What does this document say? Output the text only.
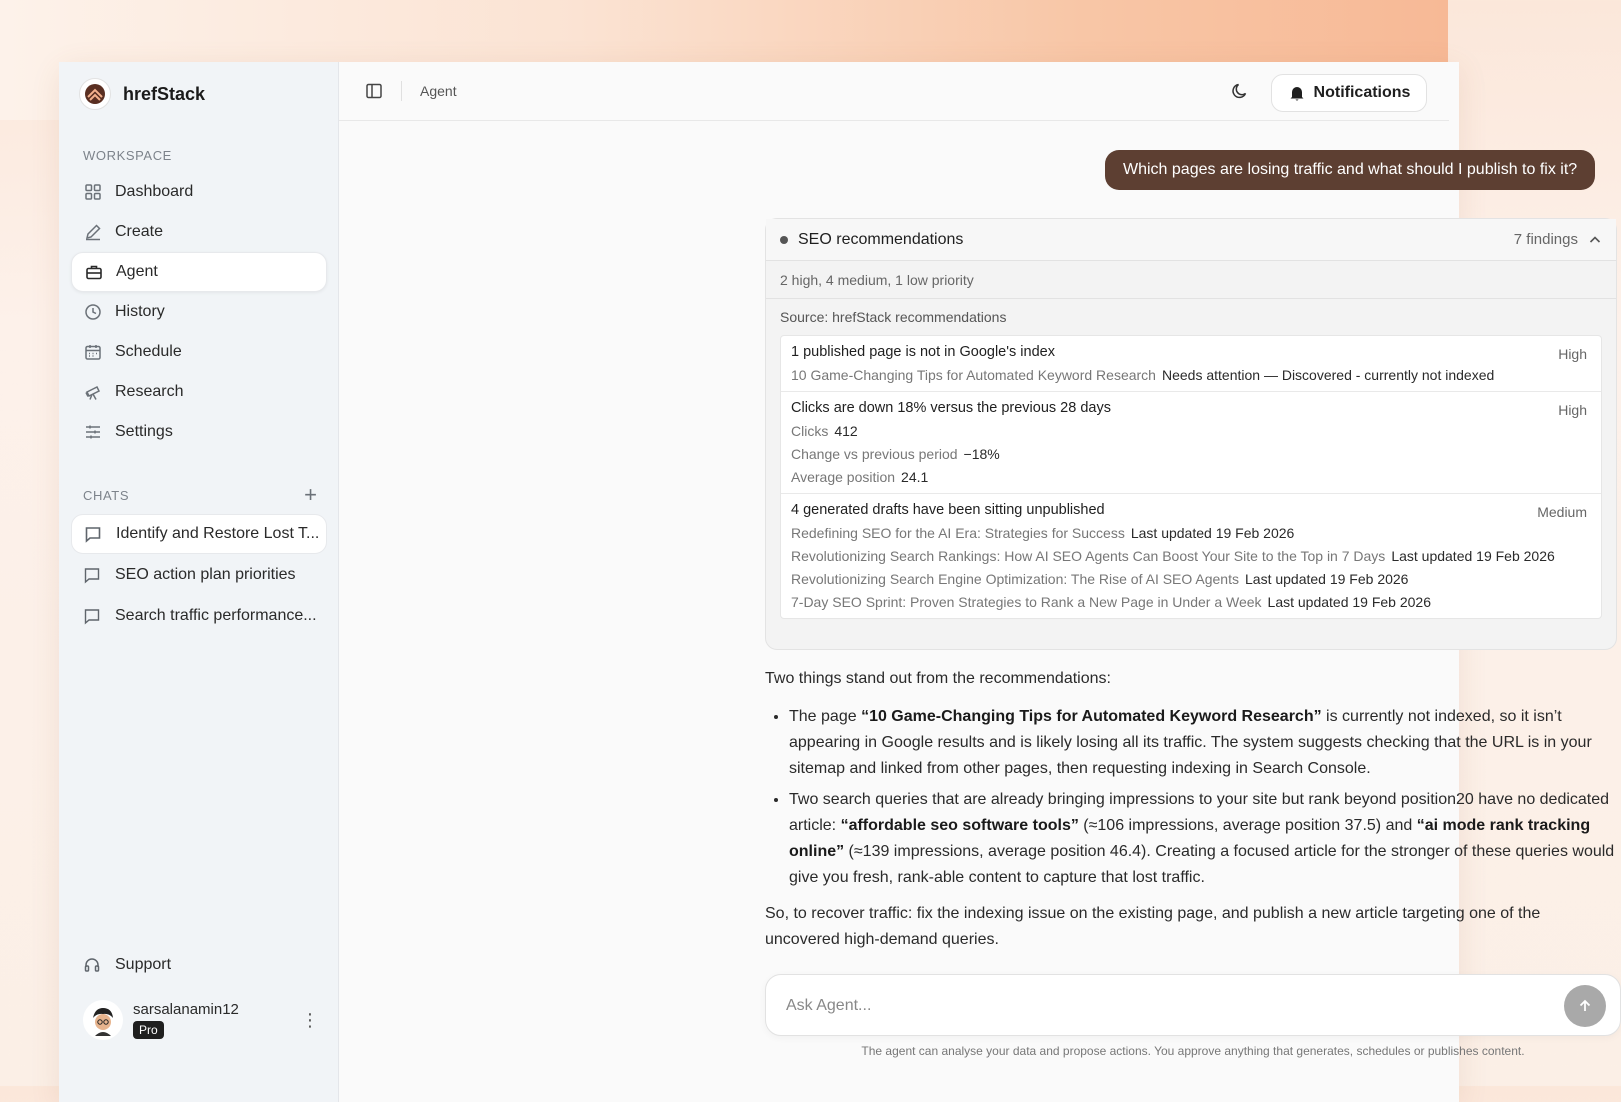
hrefStack
WORKSPACE
Dashboard
Create
Agent
History
Schedule
Research
Settings
CHATS	+
Identify and Restore Lost T...
SEO action plan priorities
Search traffic performance...
Support
sarsalanamin12
Pro
⋮
Agent	Notifications
Which pages are losing traffic and what should I publish to fix it?
SEO recommendations	7 findings
2 high, 4 medium, 1 low priority
Source: hrefStack recommendations
1 published page is not in Google's index	High
10 Game-Changing Tips for Automated Keyword Research Needs attention — Discovered - currently not indexed
Clicks are down 18% versus the previous 28 days	High
Clicks 412
Change vs previous period −18%
Average position 24.1
4 generated drafts have been sitting unpublished	Medium
Redefining SEO for the AI Era: Strategies for Success Last updated 19 Feb 2026
Revolutionizing Search Rankings: How AI SEO Agents Can Boost Your Site to the Top in 7 Days Last updated 19 Feb 2026
Revolutionizing Search Engine Optimization: The Rise of AI SEO Agents Last updated 19 Feb 2026
7-Day SEO Sprint: Proven Strategies to Rank a New Page in Under a Week Last updated 19 Feb 2026

Two things stand out from the recommendations:

• The page “10 Game-Changing Tips for Automated Keyword Research” is currently not indexed, so it isn’t appearing in Google results and is likely losing all its traffic. The system suggests checking that the URL is in your sitemap and linked from other pages, then requesting indexing in Search Console.
• Two search queries that are already bringing impressions to your site but rank beyond position20 have no dedicated article: “affordable seo software tools” (≈106 impressions, average position 37.5) and “ai mode rank tracking online” (≈139 impressions, average position 46.4). Creating a focused article for the stronger of these queries would give you fresh, rank-able content to capture that lost traffic.

So, to recover traffic: fix the indexing issue on the existing page, and publish a new article targeting one of the uncovered high-demand queries.

Ask Agent...
The agent can analyse your data and propose actions. You approve anything that generates, schedules or publishes content.
